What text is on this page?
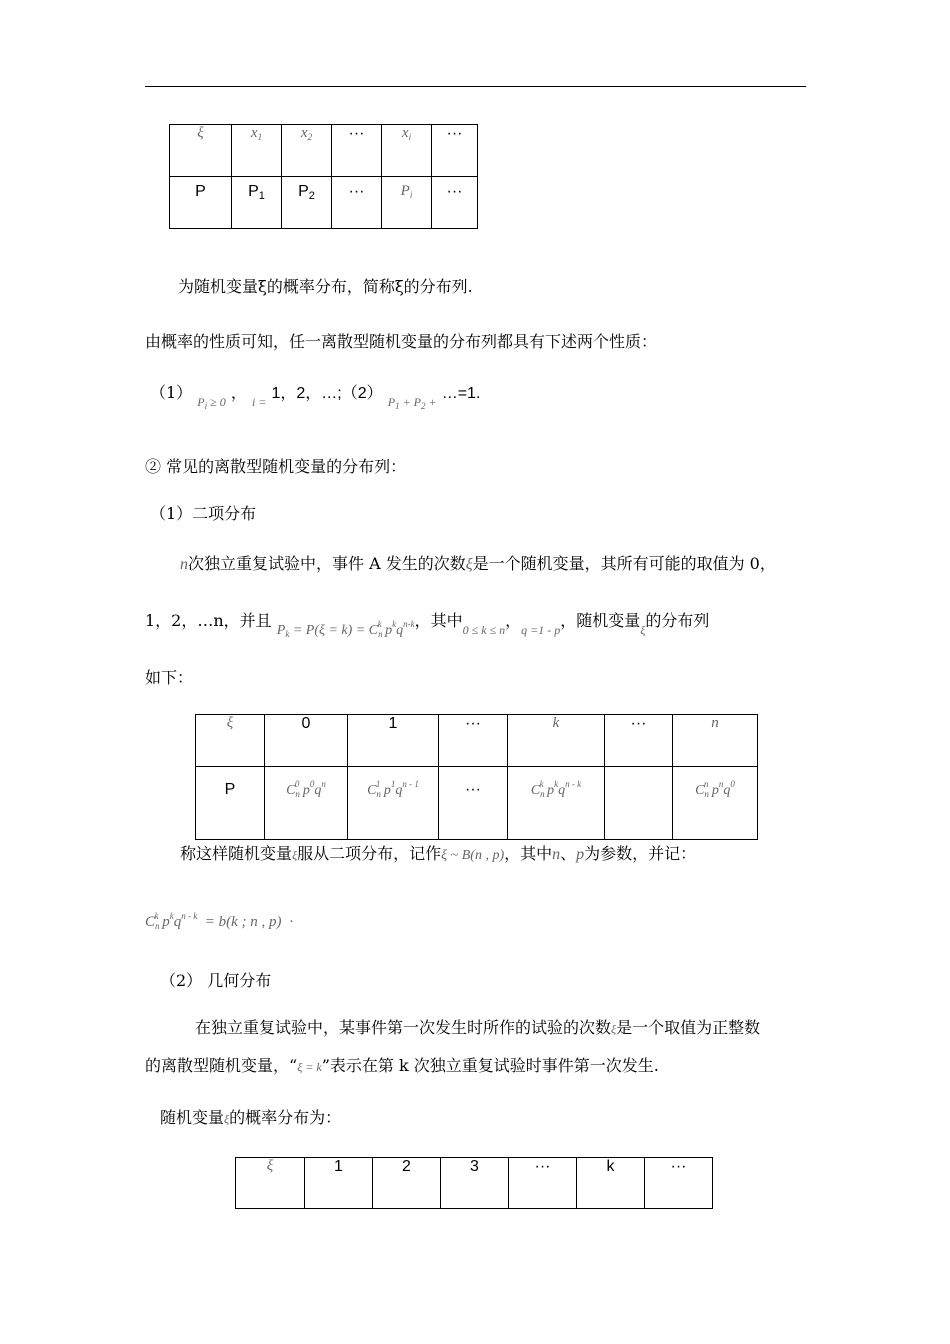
ξ	$x_1$	$x_2$	···	$x_i$	···
P	$P_1$	$P_2$	···	$P_i$	···
为随机变量ξ的概率分布，简称ξ的分布列.
由概率的性质可知，任一离散型随机变量的分布列都具有下述两个性质：
（1） $_{P_i \ge 0}$ ， $_{i =}$ 1，2，…;（2） $_{P_1 + P_2 +}$ …=1.
② 常见的离散型随机变量的分布列：
（1）二项分布
n次独立重复试验中，事件 A 发生的次数ξ是一个随机变量，其所有可能的取值为 0，
1，2，…n，并且 $P_k = P(\xi = k) = C_n^k$ $p^kq^{n-k}$，其中$_{0 \le k \le n}$，$_{q =1 - p}$，随机变量$_\xi$的分布列
如下：
ξ	0	1	···	k	···	n
P	$C_n^0$ $p^0q^n$	$C_n^1$ $p^1q^{n - 1}$	···	$C_n^k$ $p^kq^{n - k}$		$C_n^n$ $p^nq^0$
称这样随机变量ξ服从二项分布，记作ξ ~ B(n , p)，其中n、p为参数，并记：
$C_n^k$ $p^kq^{n - k} = b(k$ ; n , p)  ·
（2） 几何分布
在独立重复试验中，某事件第一次发生时所作的试验的次数ξ是一个取值为正整数
的离散型随机变量，“ξ = k”表示在第 k 次独立重复试验时事件第一次发生.
随机变量ξ的概率分布为：
ξ	1	2	3	···	k	···
